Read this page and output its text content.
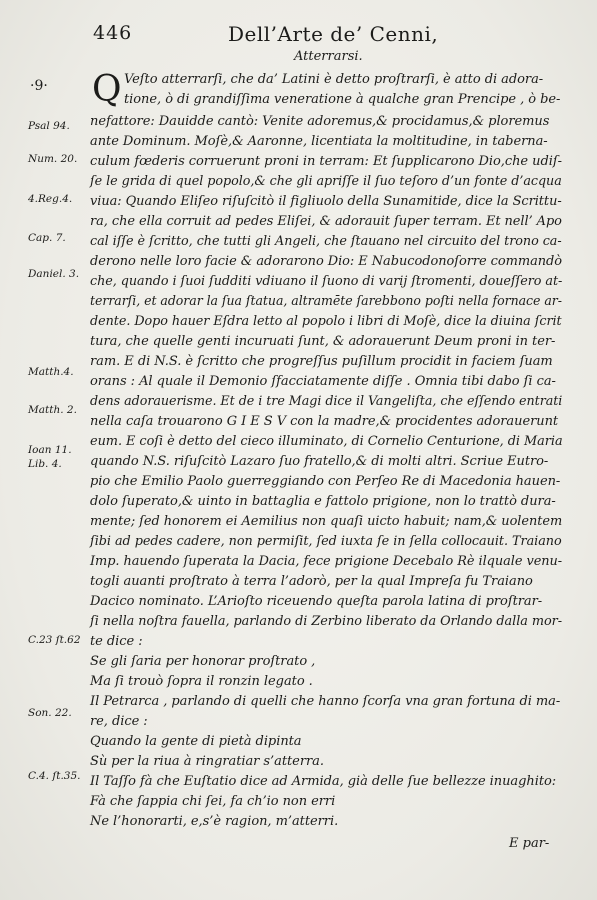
446	Dell’Arte de’ Cenni,
Atterrarsi.
·9·
Psal 94.
Num. 20.
4.Reg.4.
Cap. 7.
Daniel. 3.
Matth.4.
Matth. 2.
Ioan 11.
Lib. 4.
C.23 ſt.62
Son. 22.
C.4. ſt.35.
Q Veſto atterrarſi, che da’ Latini è detto proſtrarſi, è atto di adora-
tione, ò di grandiſſima veneratione à qualche gran Prencipe , ò be-
nefattore: Dauidde cantò: Venite adoremus,& procidamus,& ploremus
ante Dominum. Moſè,& Aaronne, licentiata la moltitudine, in taberna-
culum fœderis corruerunt proni in terram: Et ſupplicarono Dio,che udiſ-
ſe le grida di quel popolo,& che gli apriſſe il ſuo teſoro d’un fonte d’acqua
viua: Quando Eliſeo riſuſcitò il figliuolo della Sunamitide, dice la Scrittu-
ra, che ella corruit ad pedes Eliſei, & adorauit ſuper terram. Et nell’ Apo
cal iſſe è ſcritto, che tutti gli Angeli, che ſtauano nel circuito del trono ca-
derono nelle loro facie & adorarono Dio: E Nabucodonoſorre commandò
che, quando i ſuoi ſudditi vdiuano il ſuono di varij ſtromenti, doueſſero at-
terrarſi, et adorar la ſua ſtatua, altramēte ſarebbono poſti nella fornace ar-
dente. Dopo hauer Eſdra letto al popolo i libri di Moſè, dice la diuina ſcrit
tura, che quelle genti incuruati ſunt, & adorauerunt Deum proni in ter-
ram. E di N.S. è ſcritto che progreſſus puſillum procidit in faciem ſuam
orans : Al quale il Demonio ſfacciatamente diſſe . Omnia tibi dabo ſi ca-
dens adorauerisme. Et de i tre Magi dice il Vangeliſta, che eſſendo entrati
nella caſa trouarono G I E S V con la madre,& procidentes adorauerunt
eum. E coſi è detto del cieco illuminato, di Cornelio Centurione, di Maria
quando N.S. riſuſcitò Lazaro ſuo fratello,& di molti altri. Scriue Eutro-
pio che Emilio Paolo guerreggiando con Perſeo Re di Macedonia hauen-
dolo ſuperato,& uinto in battaglia e fattolo prigione, non lo trattò dura-
mente; ſed honorem ei Aemilius non quaſi uicto habuit; nam,& uolentem
ſibi ad pedes cadere, non permiſit, ſed iuxta ſe in ſella collocauit. Traiano
Imp. hauendo ſuperata la Dacia, fece prigione Decebalo Rè ilquale venu-
togli auanti proſtrato à terra l’adorò, per la qual Impreſa fu Traiano
Dacico nominato. L’Arioſto riceuendo queſta parola latina di proſtrar-
ſi nella noſtra fauella, parlando di Zerbino liberato da Orlando dalla mor-
te dice :
Se gli ſaria per honorar proſtrato ,
Ma ſi trouò ſopra il ronzin legato .
Il Petrarca , parlando di quelli che hanno ſcorſa vna gran fortuna di ma-
re, dice :
Quando la gente di pietà dipinta
Sù per la riua à ringratiar s’atterra.
Il Taſſo fà che Euſtatio dice ad Armida, già delle ſue bellezze inuaghito:
Fà che ſappia chi ſei, fa ch’io non erri
Ne l’honorarti, e,s’è ragion, m’atterri.
E par-
